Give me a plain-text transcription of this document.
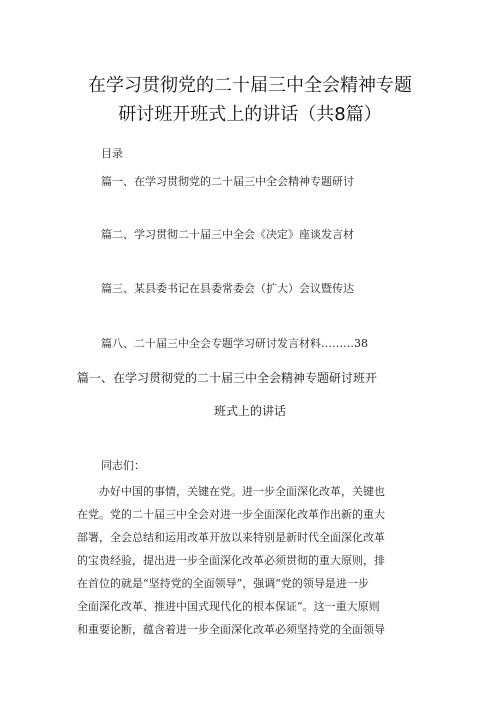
在学习贯彻党的二十届三中全会精神专题
研讨班开班式上的讲话（共8篇）
目录
篇一、在学习贯彻党的二十届三中全会精神专题研讨
篇二、学习贯彻二十届三中全会《决定》座谈发言材
篇三、某县委书记在县委常委会（扩大）会议暨传达
篇八、二十届三中全会专题学习研讨发言材料………38
篇一、在学习贯彻党的二十届三中全会精神专题研讨班开
班式上的讲话
同志们：
办好中国的事情，关键在党。进一步全面深化改革，关键也
在党。党的二十届三中全会对进一步全面深化改革作出新的重大
部署，全会总结和运用改革开放以来特别是新时代全面深化改革
的宝贵经验，提出进一步全面深化改革必须贯彻的重大原则，排
在首位的就是“坚持党的全面领导”，强调“党的领导是进一步
全面深化改革、推进中国式现代化的根本保证”。这一重大原则
和重要论断，蕴含着进一步全面深化改革必须坚持党的全面领导
